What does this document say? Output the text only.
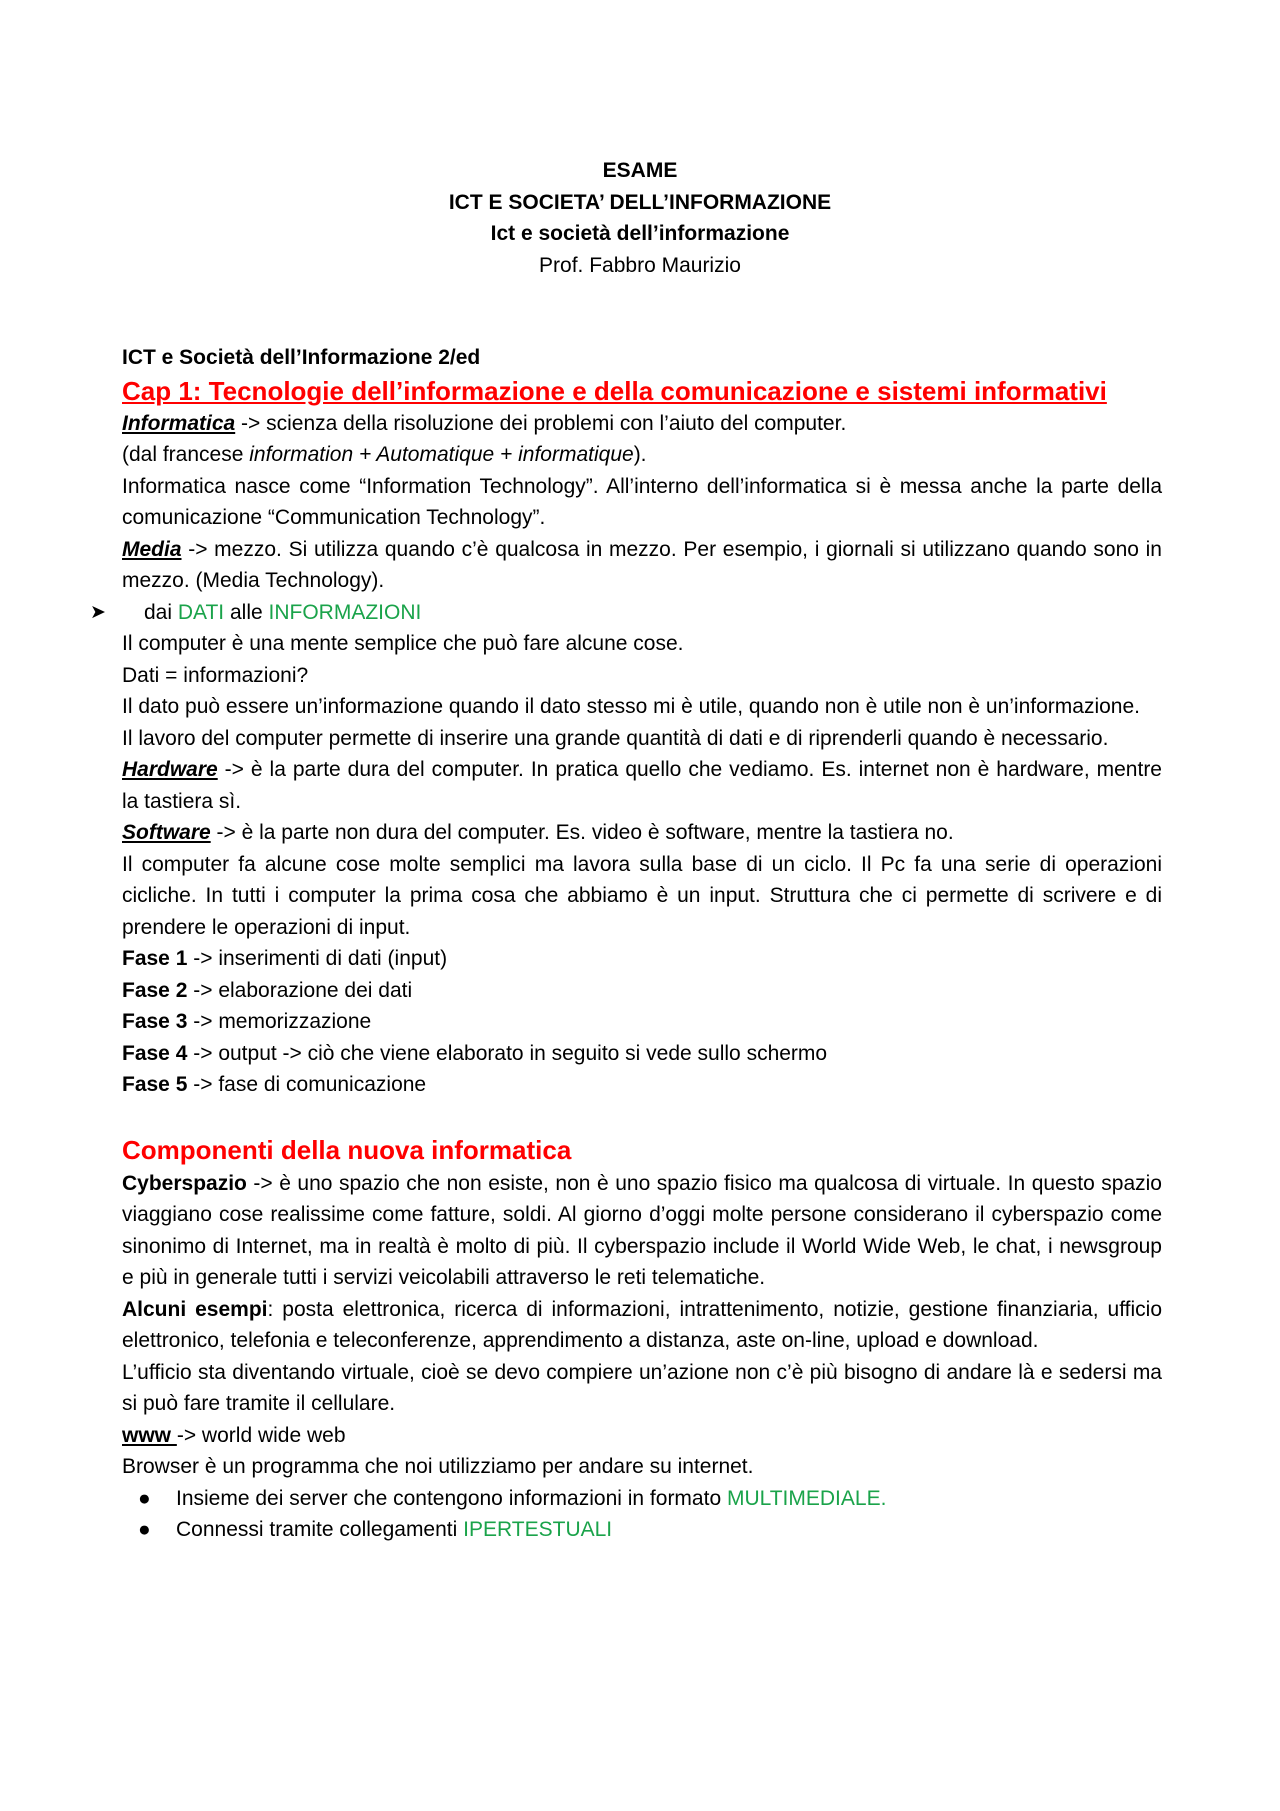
ESAME
ICT E SOCIETA’ DELL’INFORMAZIONE
Ict e società dell’informazione
Prof. Fabbro Maurizio

ICT e Società dell’Informazione 2/ed

Cap 1: Tecnologie dell’informazione e della comunicazione e sistemi informativi

Informatica -> scienza della risoluzione dei problemi con l’aiuto del computer.

(dal francese information + Automatique + informatique).

Informatica nasce come “Information Technology”. All’interno dell’informatica si è messa anche la parte della comunicazione “Communication Technology”.

Media -> mezzo. Si utilizza quando c’è qualcosa in mezzo. Per esempio, i giornali si utilizzano quando sono in mezzo. (Media Technology).

➤ dai DATI alle INFORMAZIONI

Il computer è una mente semplice che può fare alcune cose.

Dati = informazioni?

Il dato può essere un’informazione quando il dato stesso mi è utile, quando non è utile non è un’informazione.

Il lavoro del computer permette di inserire una grande quantità di dati e di riprenderli quando è necessario.

Hardware -> è la parte dura del computer. In pratica quello che vediamo. Es. internet non è hardware, mentre la tastiera sì.

Software -> è la parte non dura del computer. Es. video è software, mentre la tastiera no.

Il computer fa alcune cose molte semplici ma lavora sulla base di un ciclo. Il Pc fa una serie di operazioni cicliche. In tutti i computer la prima cosa che abbiamo è un input. Struttura che ci permette di scrivere e di prendere le operazioni di input.

Fase 1 -> inserimenti di dati (input)

Fase 2 -> elaborazione dei dati

Fase 3 -> memorizzazione

Fase 4 -> output -> ciò che viene elaborato in seguito si vede sullo schermo

Fase 5 -> fase di comunicazione

Componenti della nuova informatica

Cyberspazio -> è uno spazio che non esiste, non è uno spazio fisico ma qualcosa di virtuale. In questo spazio viaggiano cose realissime come fatture, soldi. Al giorno d’oggi molte persone considerano il cyberspazio come sinonimo di Internet, ma in realtà è molto di più. Il cyberspazio include il World Wide Web, le chat, i newsgroup e più in generale tutti i servizi veicolabili attraverso le reti telematiche.

Alcuni esempi: posta elettronica, ricerca di informazioni, intrattenimento, notizie, gestione finanziaria, ufficio elettronico, telefonia e teleconferenze, apprendimento a distanza, aste on-line, upload e download.

L’ufficio sta diventando virtuale, cioè se devo compiere un’azione non c’è più bisogno di andare là e sedersi ma si può fare tramite il cellulare.

www -> world wide web

Browser è un programma che noi utilizziamo per andare su internet.

● Insieme dei server che contengono informazioni in formato MULTIMEDIALE.

● Connessi tramite collegamenti IPERTESTUALI
